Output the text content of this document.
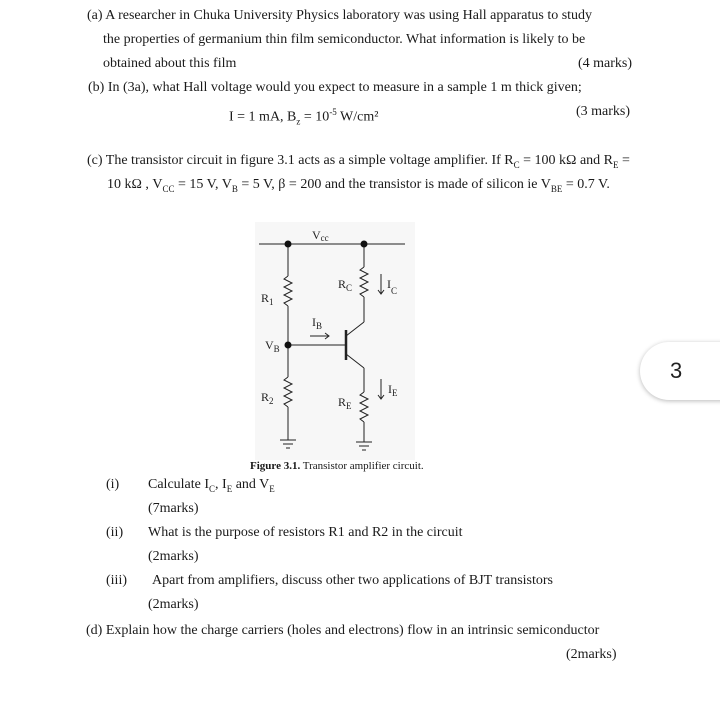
(a) A researcher in Chuka University Physics laboratory was using Hall apparatus to study
the properties of germanium thin film semiconductor. What information is likely to be
obtained about this film	(4 marks)
(b) In (3a), what Hall voltage would you expect to measure in a sample 1 m thick given;
I = 1 mA, $B_z = 10^{-5}$ W/cm²	(3 marks)
(c) The transistor circuit in figure 3.1 acts as a simple voltage amplifier. If $R_C = 100$ kΩ and $R_E$ =
10 kΩ , $V_{CC} = 15$ V, $V_B = 5$ V, β = 200 and the transistor is made of silicon ie $V_{BE} = 0.7$ V.
Vcc
$R_1$
$R_2$
$R_C$
$R_E$
$I_B$
$I_C$
$I_E$
$V_B$
Figure 3.1. Transistor amplifier circuit.
(i) Calculate $I_C$, $I_E$ and $V_E$
(7marks)
(ii) What is the purpose of resistors R1 and R2 in the circuit
(2marks)
(iii) Apart from amplifiers, discuss other two applications of BJT transistors
(2marks)
(d) Explain how the charge carriers (holes and electrons) flow in an intrinsic semiconductor
(2marks)
3
